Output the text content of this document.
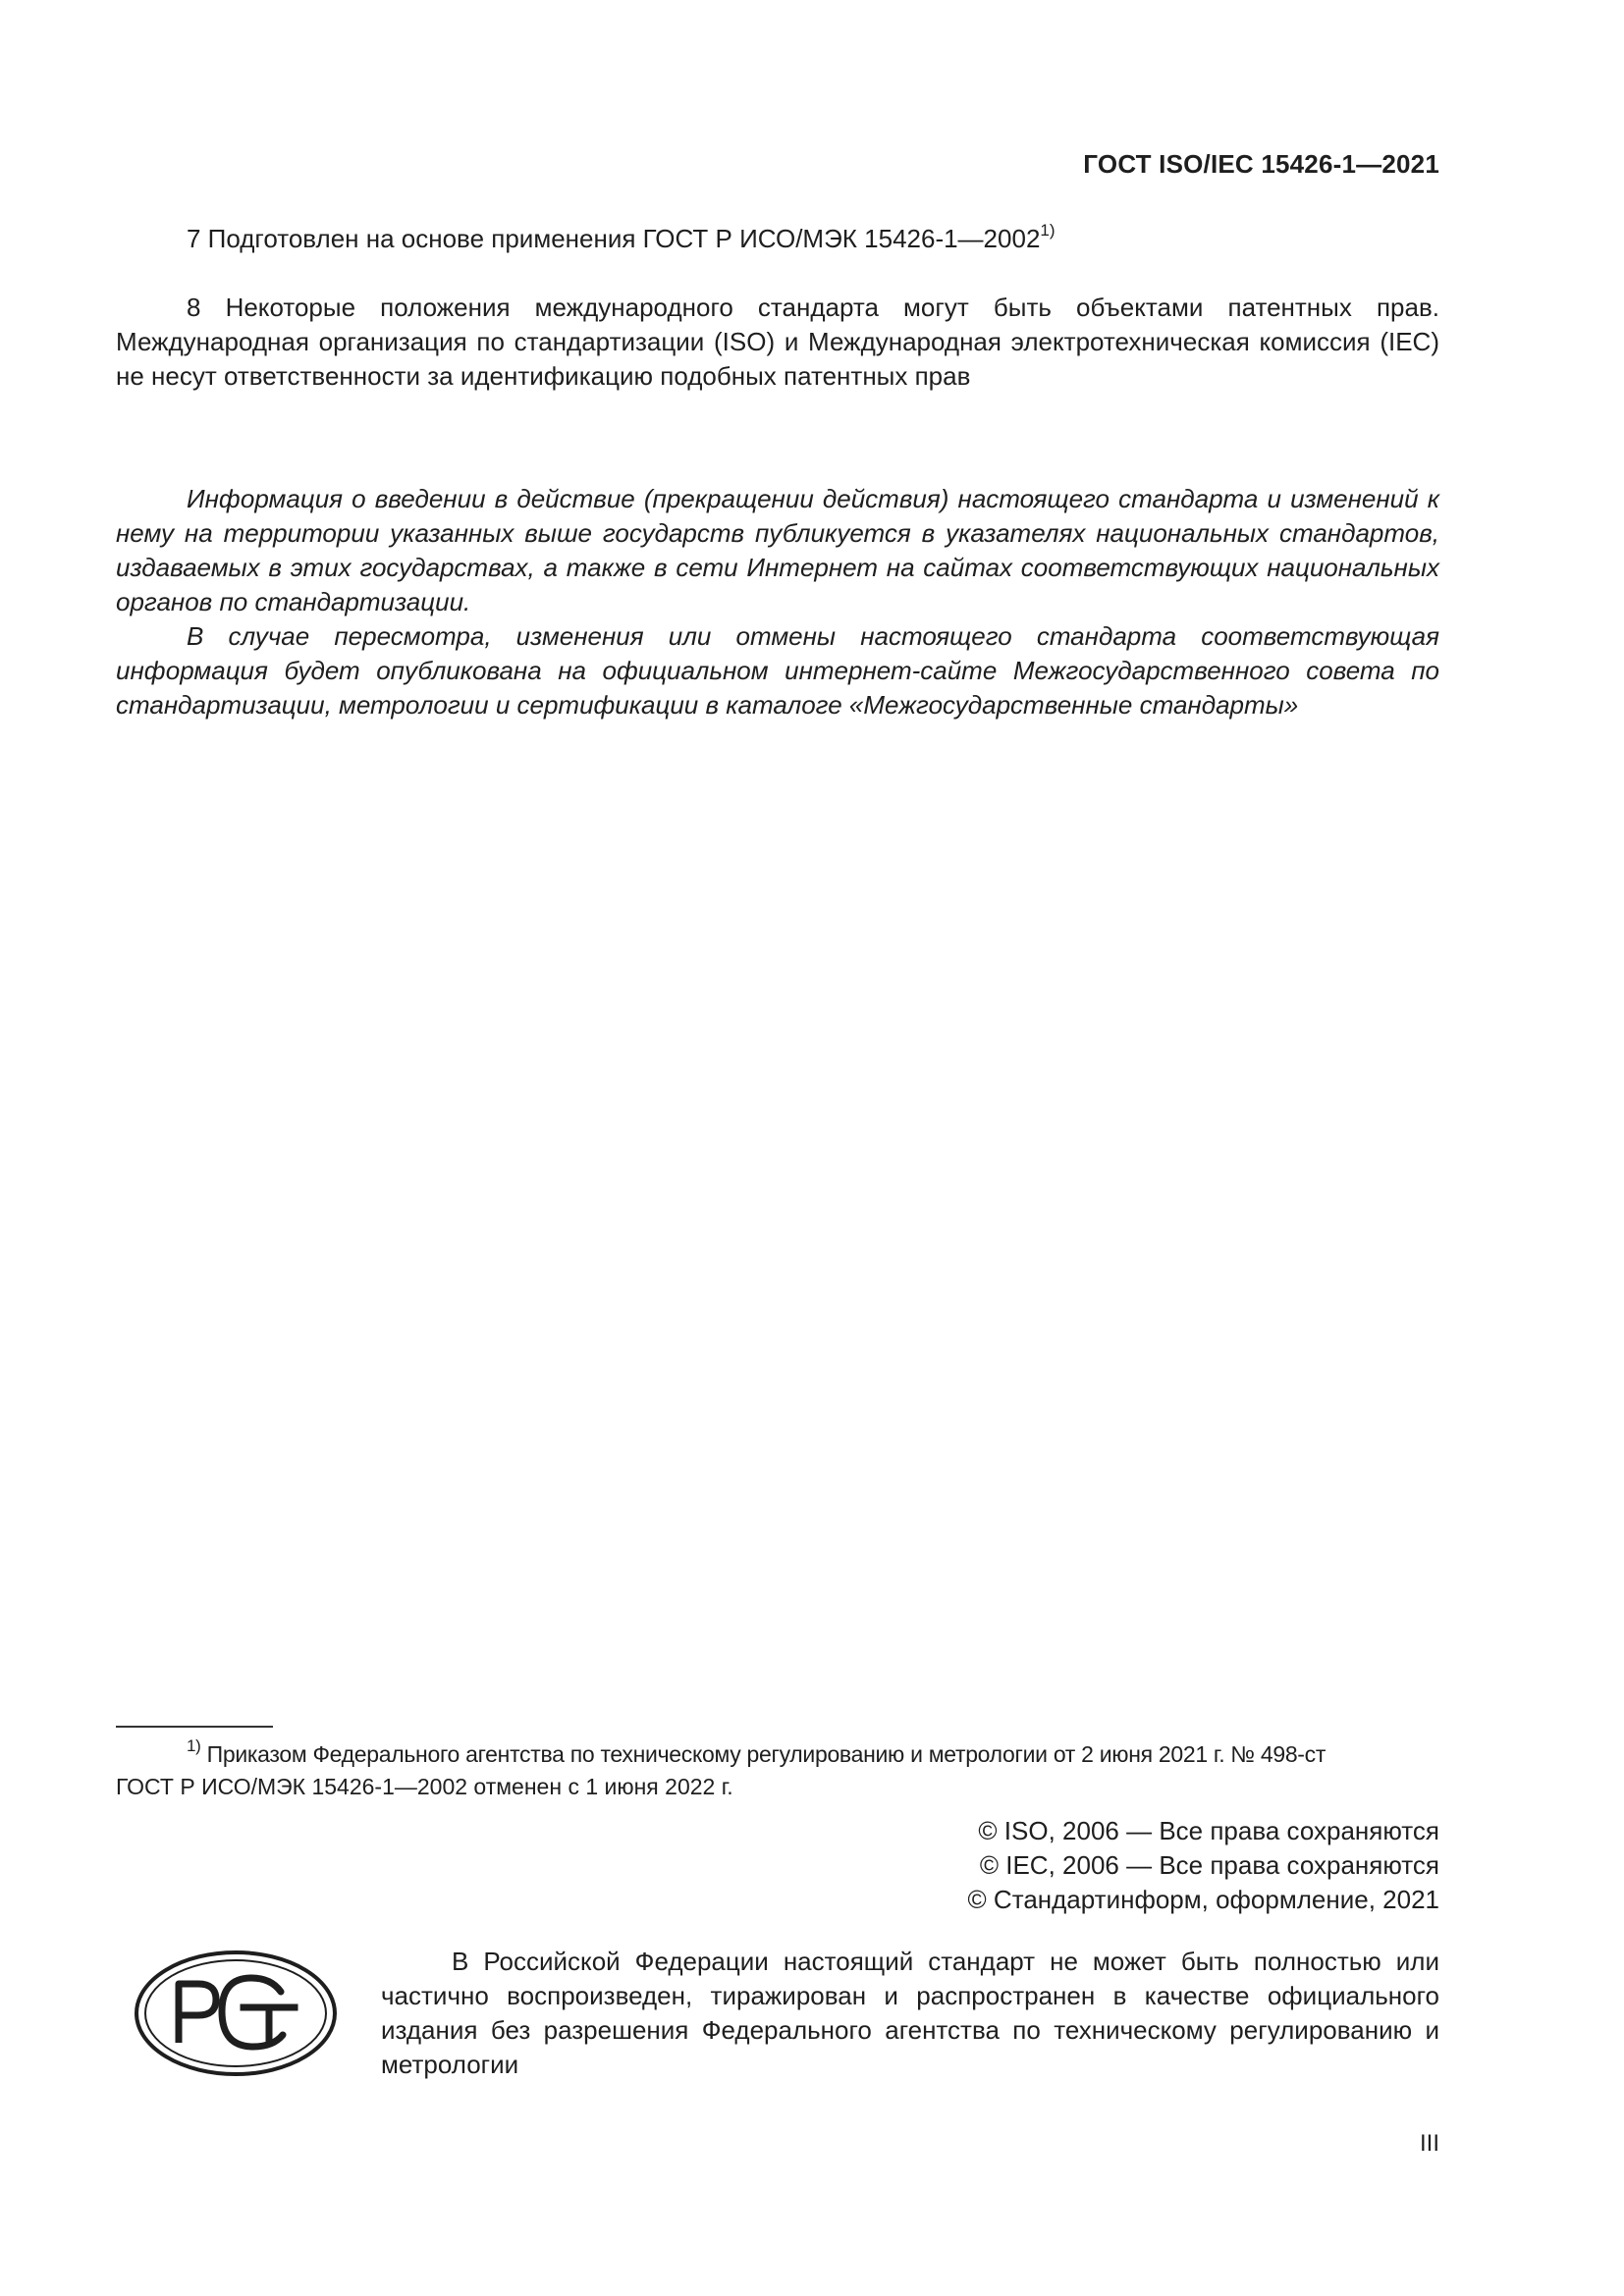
ГОСТ ISO/IEC 15426-1—2021

7 Подготовлен на основе применения ГОСТ Р ИСО/МЭК 15426-1—2002$^{1)}$

8 Некоторые положения международного стандарта могут быть объектами патентных прав. Международная организация по стандартизации (ISO) и Международная электротехническая комиссия (IEC) не несут ответственности за идентификацию подобных патентных прав

Информация о введении в действие (прекращении действия) настоящего стандарта и изменений к нему на территории указанных выше государств публикуется в указателях национальных стандартов, издаваемых в этих государствах, а также в сети Интернет на сайтах соответствующих национальных органов по стандартизации.

В случае пересмотра, изменения или отмены настоящего стандарта соответствующая информация будет опубликована на официальном интернет-сайте Межгосударственного совета по стандартизации, метрологии и сертификации в каталоге «Межгосударственные стандарты»

$^{1)}$ Приказом Федерального агентства по техническому регулированию и метрологии от 2 июня 2021 г. № 498-ст

ГОСТ Р ИСО/МЭК 15426-1—2002 отменен с 1 июня 2022 г.

© ISO, 2006 — Все права сохраняются
© IEC, 2006 — Все права сохраняются
© Стандартинформ, оформление, 2021

В Российской Федерации настоящий стандарт не может быть полностью или частично воспроизведен, тиражирован и распространен в качестве официального издания без разрешения Федерального агентства по техническому регулированию и метрологии

III
